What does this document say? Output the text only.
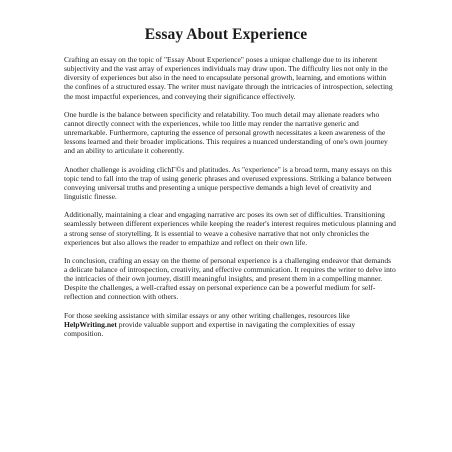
Essay About Experience

Crafting an essay on the topic of "Essay About Experience" poses a unique challenge due to its inherent subjectivity and the vast array of experiences individuals may draw upon. The difficulty lies not only in the diversity of experiences but also in the need to encapsulate personal growth, learning, and emotions within the confines of a structured essay. The writer must navigate through the intricacies of introspection, selecting the most impactful experiences, and conveying their significance effectively.

One hurdle is the balance between specificity and relatability. Too much detail may alienate readers who cannot directly connect with the experiences, while too little may render the narrative generic and unremarkable. Furthermore, capturing the essence of personal growth necessitates a keen awareness of the lessons learned and their broader implications. This requires a nuanced understanding of one's own journey and an ability to articulate it coherently.

Another challenge is avoiding clichГ©s and platitudes. As "experience" is a broad term, many essays on this topic tend to fall into the trap of using generic phrases and overused expressions. Striking a balance between conveying universal truths and presenting a unique perspective demands a high level of creativity and linguistic finesse.

Additionally, maintaining a clear and engaging narrative arc poses its own set of difficulties. Transitioning seamlessly between different experiences while keeping the reader's interest requires meticulous planning and a strong sense of storytelling. It is essential to weave a cohesive narrative that not only chronicles the experiences but also allows the reader to empathize and reflect on their own life.

In conclusion, crafting an essay on the theme of personal experience is a challenging endeavor that demands a delicate balance of introspection, creativity, and effective communication. It requires the writer to delve into the intricacies of their own journey, distill meaningful insights, and present them in a compelling manner. Despite the challenges, a well-crafted essay on personal experience can be a powerful medium for self-reflection and connection with others.

For those seeking assistance with similar essays or any other writing challenges, resources like HelpWriting.net provide valuable support and expertise in navigating the complexities of essay composition.
